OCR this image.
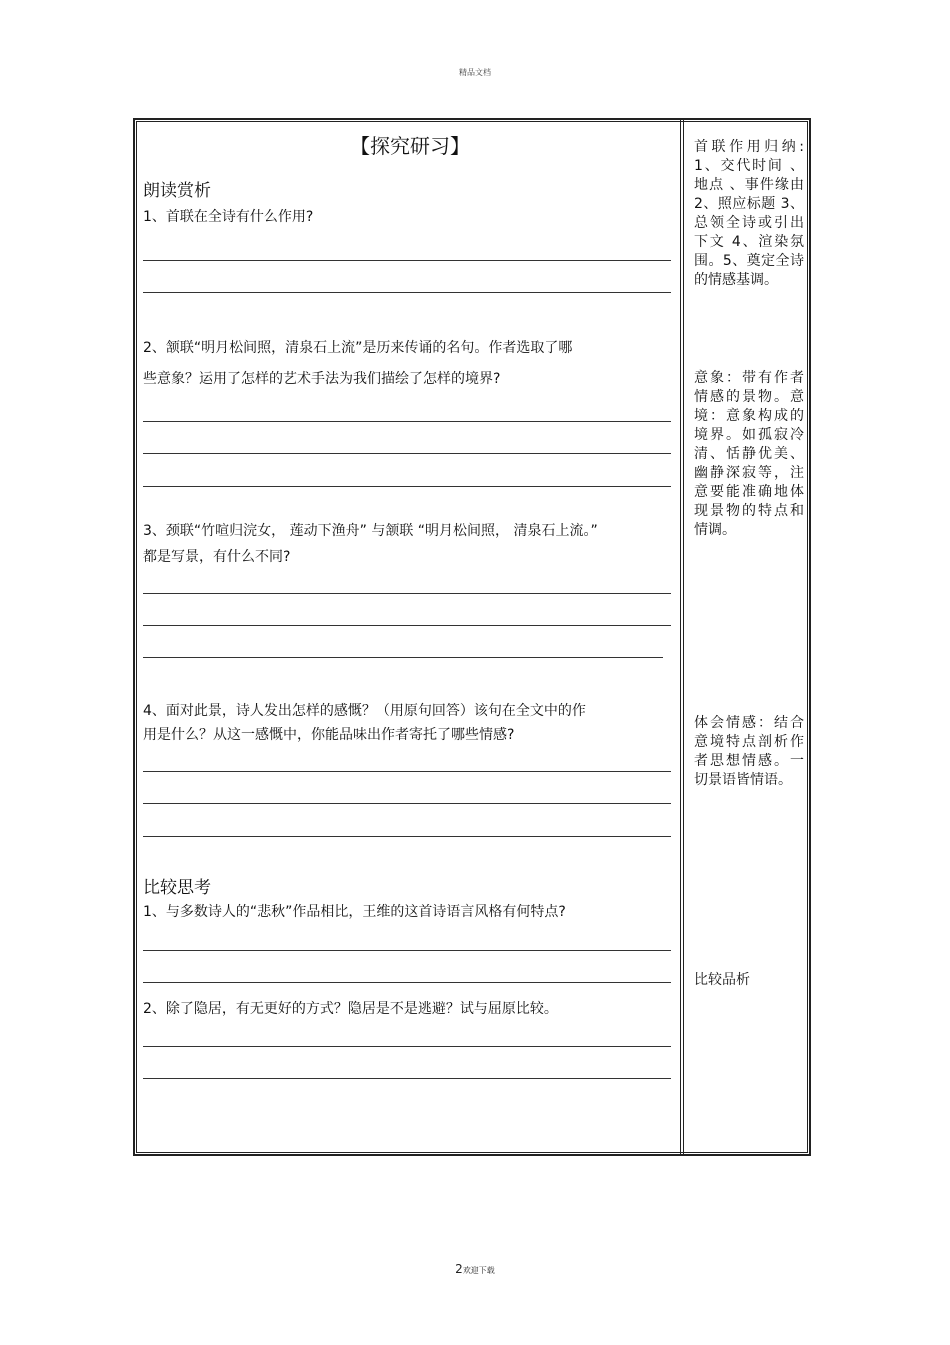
精品文档
【探究研习】
朗读赏析
1、首联在全诗有什么作用?
2、颔联“明月松间照，清泉石上流”是历来传诵的名句。作者选取了哪
些意象？运用了怎样的艺术手法为我们描绘了怎样的境界?
3、颈联“竹喧归浣女， 莲动下渔舟” 与颔联 “明月松间照， 清泉石上流。”
都是写景，有什么不同?
4、面对此景，诗人发出怎样的感慨？（用原句回答）该句在全文中的作
用是什么？从这一感慨中，你能品味出作者寄托了哪些情感?
比较思考
1、与多数诗人的“悲秋”作品相比，王维的这首诗语言风格有何特点?
2、除了隐居，有无更好的方式？隐居是不是逃避？试与屈原比较。
首联作用归纳:1、交代时间 、地点 、事件缘由 2、照应标题 3、总领全诗或引出下文 4、渲染氛围。5、奠定全诗的情感基调。
意象：带有作者情感的景物。意境：意象构成的境界。如孤寂冷清、恬静优美、幽静深寂等，注意要能准确地体现景物的特点和情调。
体会情感：结合意境特点剖析作者思想情感。一切景语皆情语。
比较品析
2欢迎下载
